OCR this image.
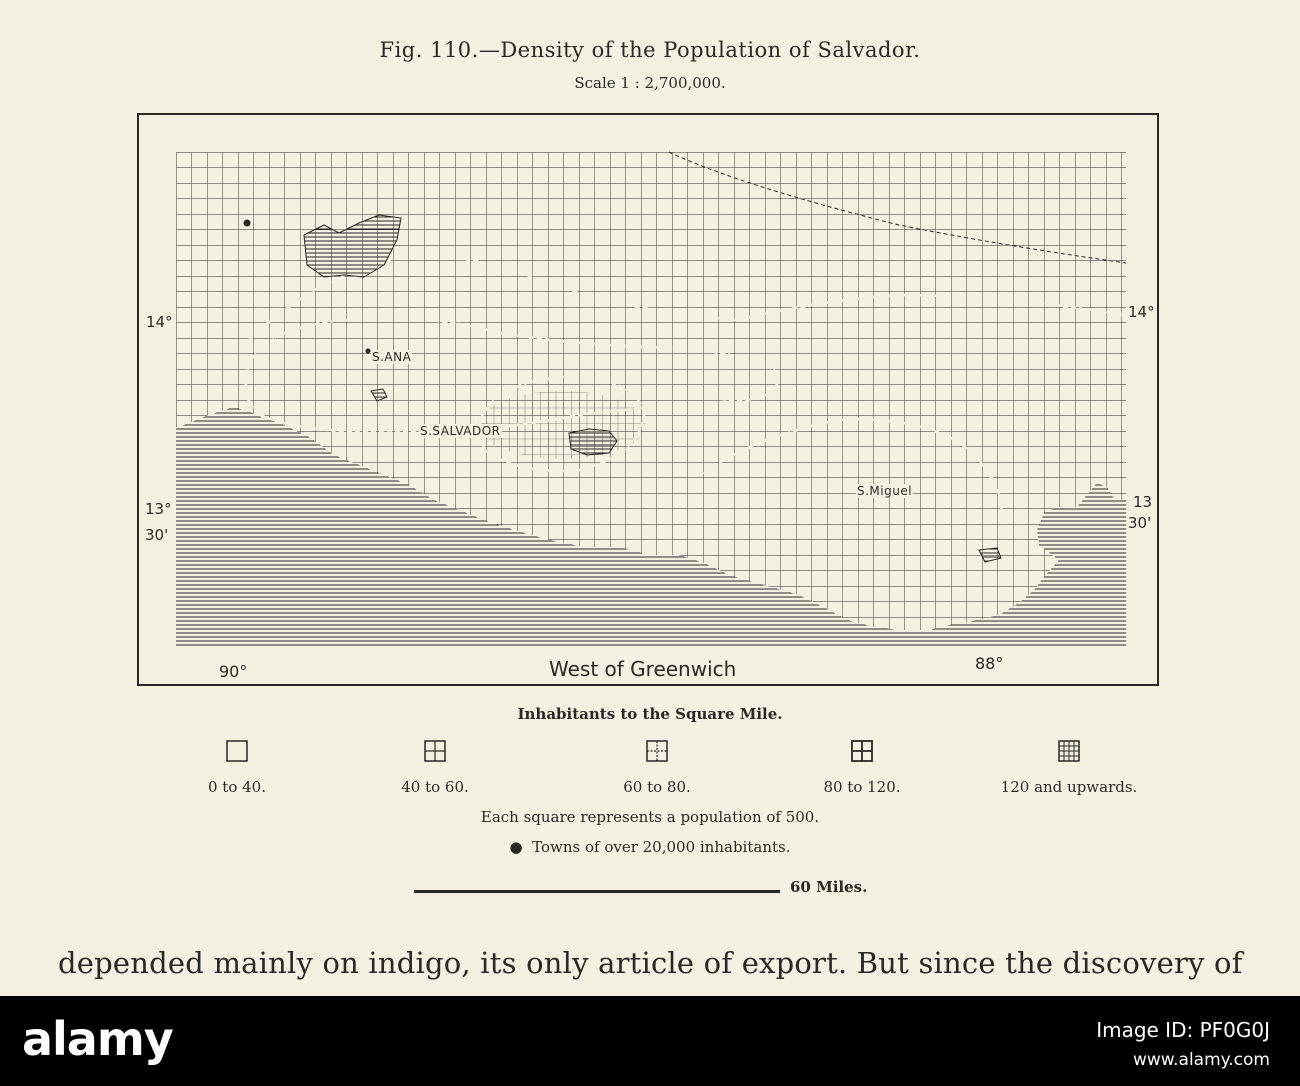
Fig. 110.—Density of the Population of Salvador.
Scale 1 : 2,700,000.
14°
14°
13°
30'
13
30'
90°	88°
West of Greenwich
S.ANA
S.SALVADOR
S.Miguel
Inhabitants to the Square Mile.
0 to 40.	40 to 60.	60 to 80.	80 to 120.	120 and upwards.
Each square represents a population of 500.
●  Towns of over 20,000 inhabitants.
60 Miles.
depended mainly on indigo, its only article of export. But since the discovery of
alamy	Image ID: PF0G0J
www.alamy.com
